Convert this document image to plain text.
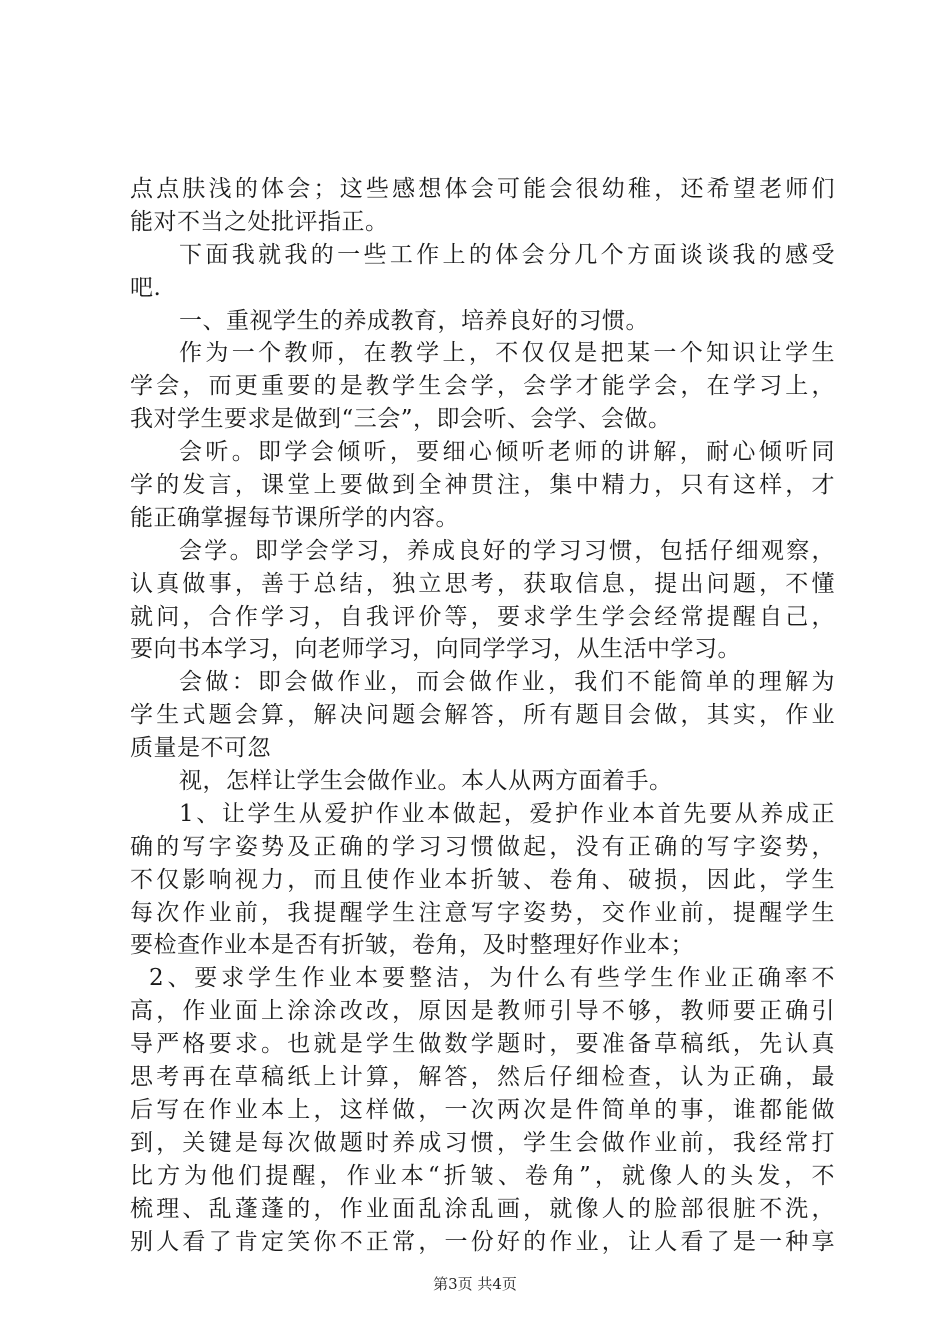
点点肤浅的体会；这些感想体会可能会很幼稚，还希望老师们
能对不当之处批评指正。
下面我就我的一些工作上的体会分几个方面谈谈我的感受
吧.
一、重视学生的养成教育，培养良好的习惯。
作为一个教师，在教学上，不仅仅是把某一个知识让学生
学会，而更重要的是教学生会学，会学才能学会，在学习上，
我对学生要求是做到“三会”，即会听、会学、会做。
会听。即学会倾听，要细心倾听老师的讲解，耐心倾听同
学的发言，课堂上要做到全神贯注，集中精力，只有这样，才
能正确掌握每节课所学的内容。
会学。即学会学习，养成良好的学习习惯，包括仔细观察，
认真做事，善于总结，独立思考，获取信息，提出问题，不懂
就问，合作学习，自我评价等，要求学生学会经常提醒自己，
要向书本学习，向老师学习，向同学学习，从生活中学习。
会做：即会做作业，而会做作业，我们不能简单的理解为
学生式题会算，解决问题会解答，所有题目会做，其实，作业
质量是不可忽
视，怎样让学生会做作业。本人从两方面着手。
1、让学生从爱护作业本做起，爱护作业本首先要从养成正
确的写字姿势及正确的学习习惯做起，没有正确的写字姿势，
不仅影响视力，而且使作业本折皱、卷角、破损，因此，学生
每次作业前，我提醒学生注意写字姿势，交作业前，提醒学生
要检查作业本是否有折皱，卷角，及时整理好作业本；
2、要求学生作业本要整洁，为什么有些学生作业正确率不
高，作业面上涂涂改改，原因是教师引导不够，教师要正确引
导严格要求。也就是学生做数学题时，要准备草稿纸，先认真
思考再在草稿纸上计算，解答，然后仔细检查，认为正确，最
后写在作业本上，这样做，一次两次是件简单的事，谁都能做
到，关键是每次做题时养成习惯，学生会做作业前，我经常打
比方为他们提醒，作业本“折皱、卷角”，就像人的头发，不
梳理、乱蓬蓬的，作业面乱涂乱画，就像人的脸部很脏不洗，
别人看了肯定笑你不正常，一份好的作业，让人看了是一种享
第3页 共4页
